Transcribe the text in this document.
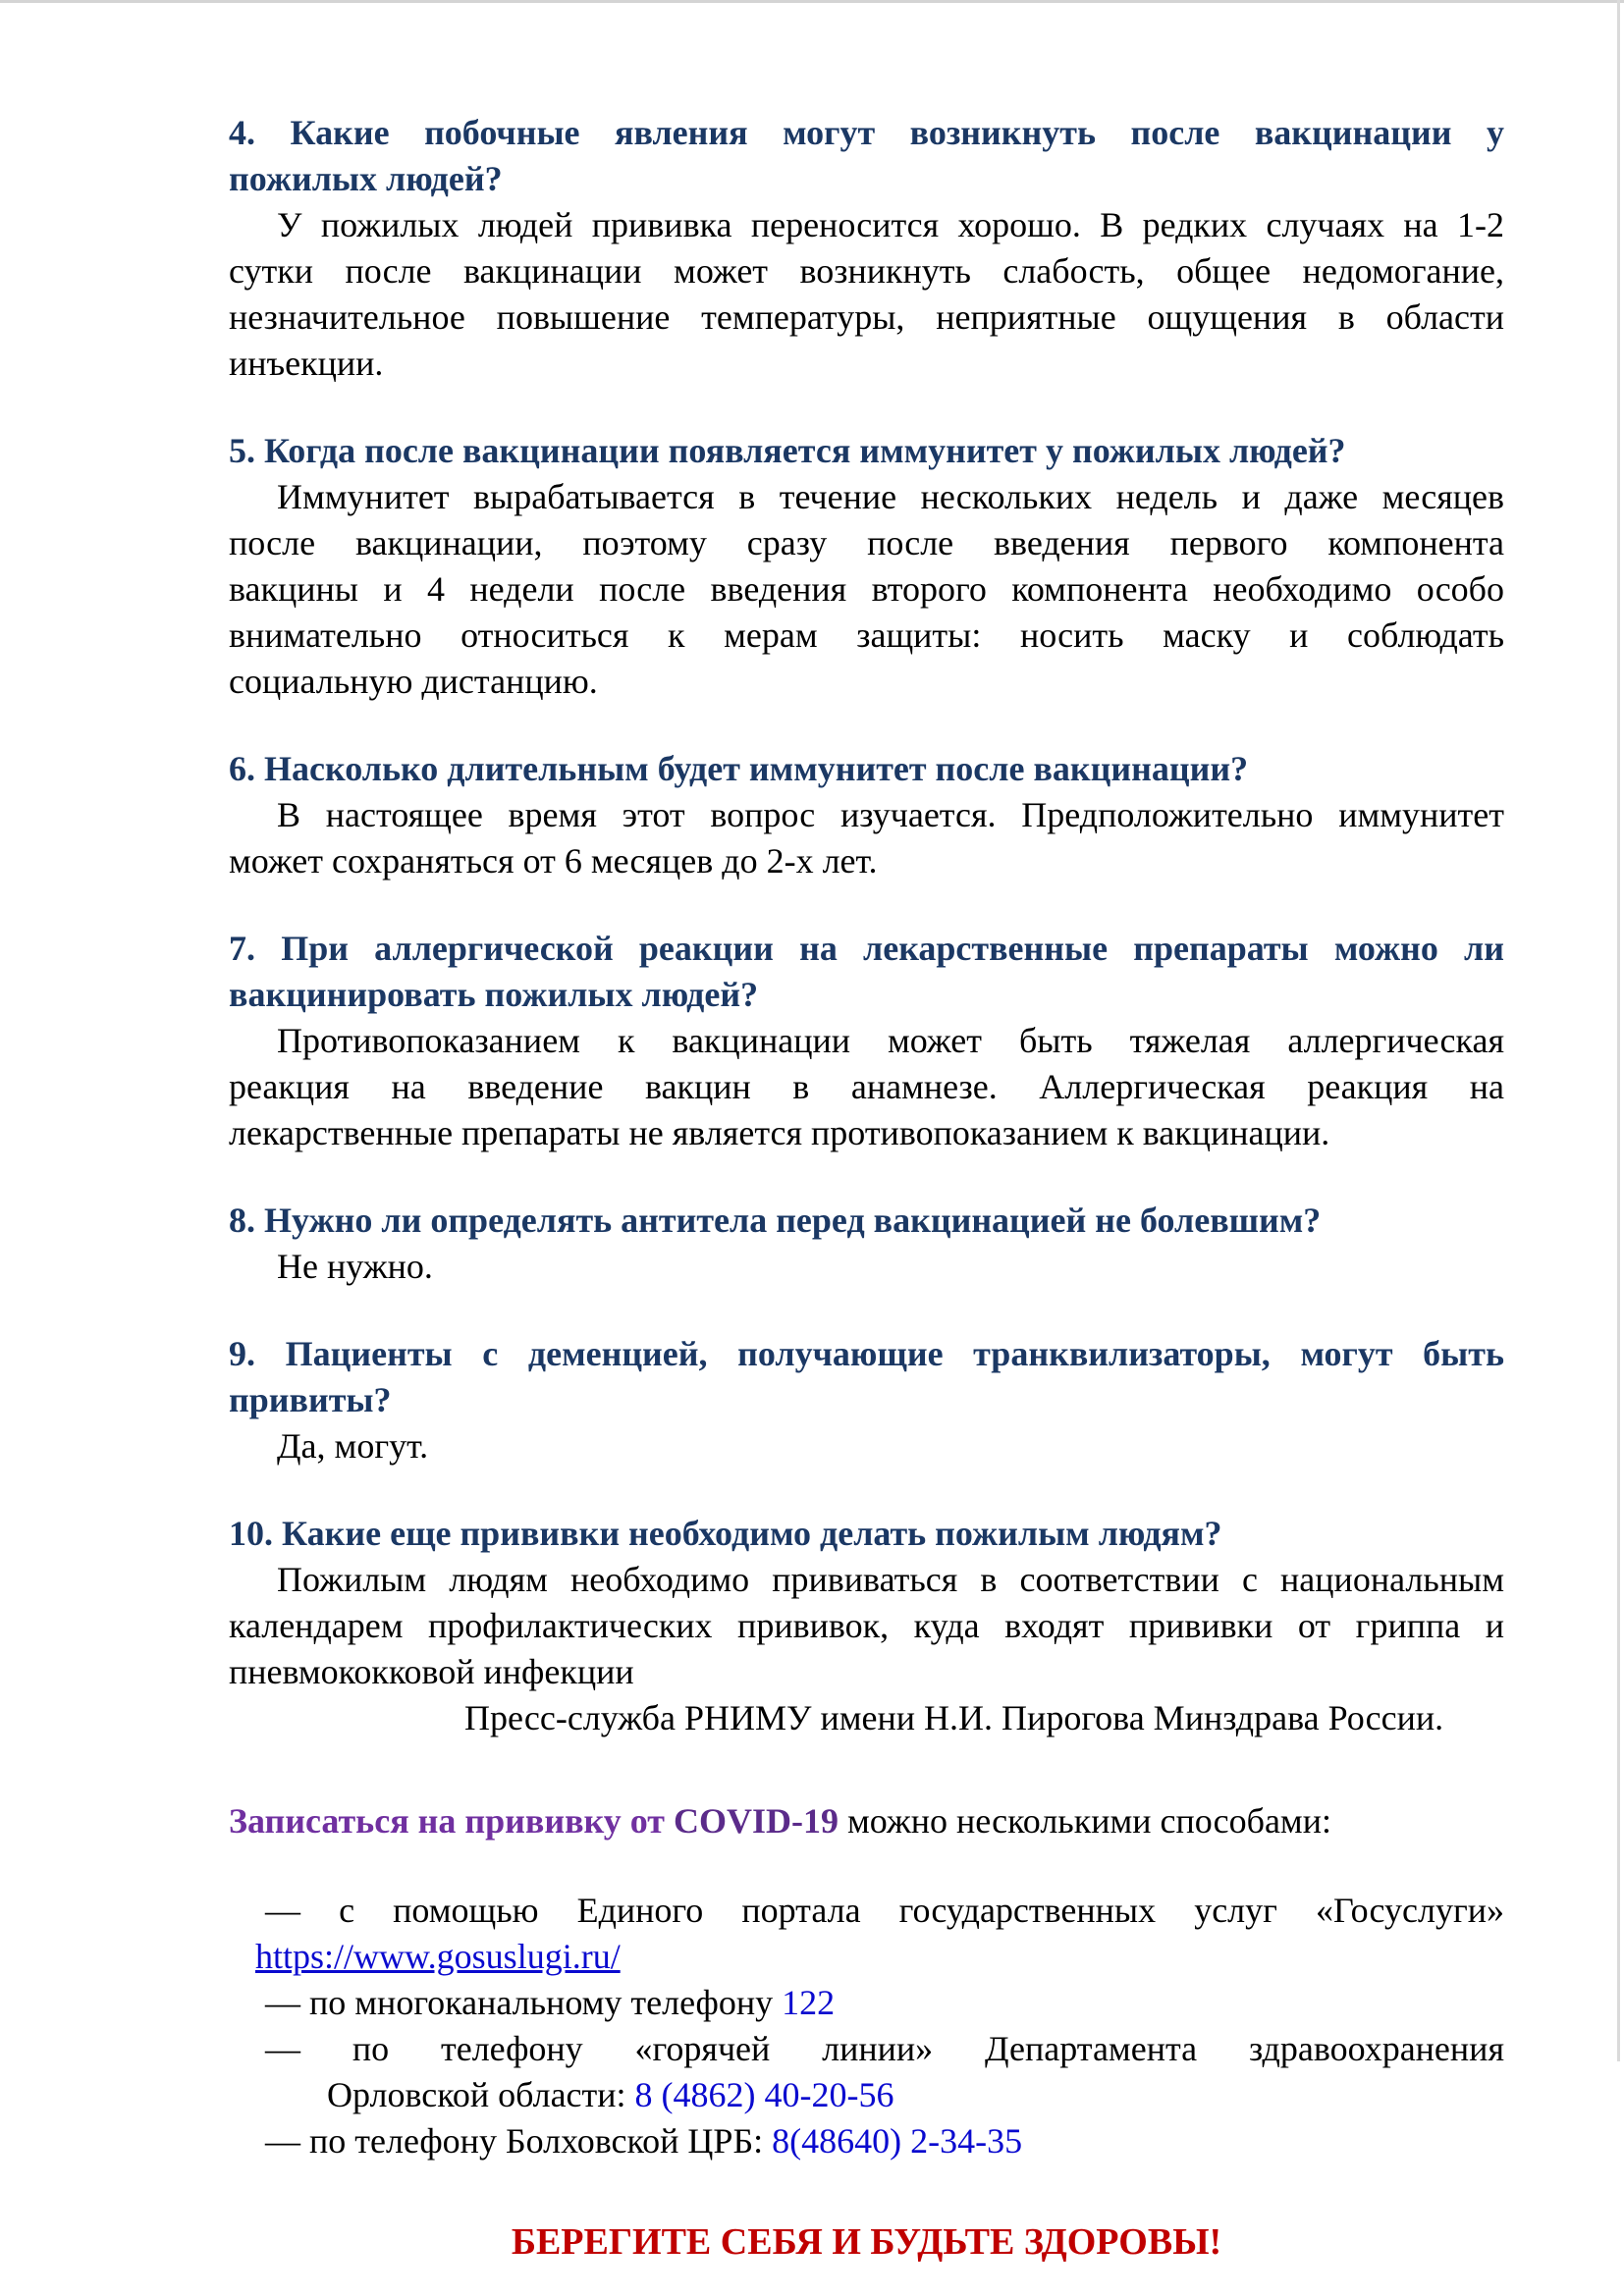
4. Какие побочные явления могут возникнуть после вакцинации у
пожилых людей?
У пожилых людей прививка переносится хорошо. В редких случаях на 1-2
сутки после вакцинации может возникнуть слабость, общее недомогание,
незначительное повышение температуры, неприятные ощущения в области
инъекции.
5. Когда после вакцинации появляется иммунитет у пожилых людей?
Иммунитет вырабатывается в течение нескольких недель и даже месяцев
после вакцинации, поэтому сразу после введения первого компонента
вакцины и 4 недели после введения второго компонента необходимо особо
внимательно относиться к мерам защиты: носить маску и соблюдать
социальную дистанцию.
6. Насколько длительным будет иммунитет после вакцинации?
В настоящее время этот вопрос изучается. Предположительно иммунитет
может сохраняться от 6 месяцев до 2-х лет.
7. При аллергической реакции на лекарственные препараты можно ли
вакцинировать пожилых людей?
Противопоказанием к вакцинации может быть тяжелая аллергическая
реакция на введение вакцин в анамнезе. Аллергическая реакция на
лекарственные препараты не является противопоказанием к вакцинации.
8. Нужно ли определять антитела перед вакцинацией не болевшим?
Не нужно.
9. Пациенты с деменцией, получающие транквилизаторы, могут быть
привиты?
Да, могут.
10. Какие еще прививки необходимо делать пожилым людям?
Пожилым людям необходимо прививаться в соответствии с национальным
календарем профилактических прививок, куда входят прививки от гриппа и
пневмококковой инфекции
Пресс-служба РНИМУ имени Н.И. Пирогова Минздрава России.
Записаться на прививку от COVID-19 можно несколькими способами:
— с помощью Единого портала государственных услуг «Госуслуги»
https://www.gosuslugi.ru/
— по многоканальному телефону 122
— по телефону «горячей линии» Департамента здравоохранения
Орловской области: 8 (4862) 40-20-56
— по телефону Болховской ЦРБ: 8(48640) 2-34-35
БЕРЕГИТЕ СЕБЯ И БУДЬТЕ ЗДОРОВЫ!
